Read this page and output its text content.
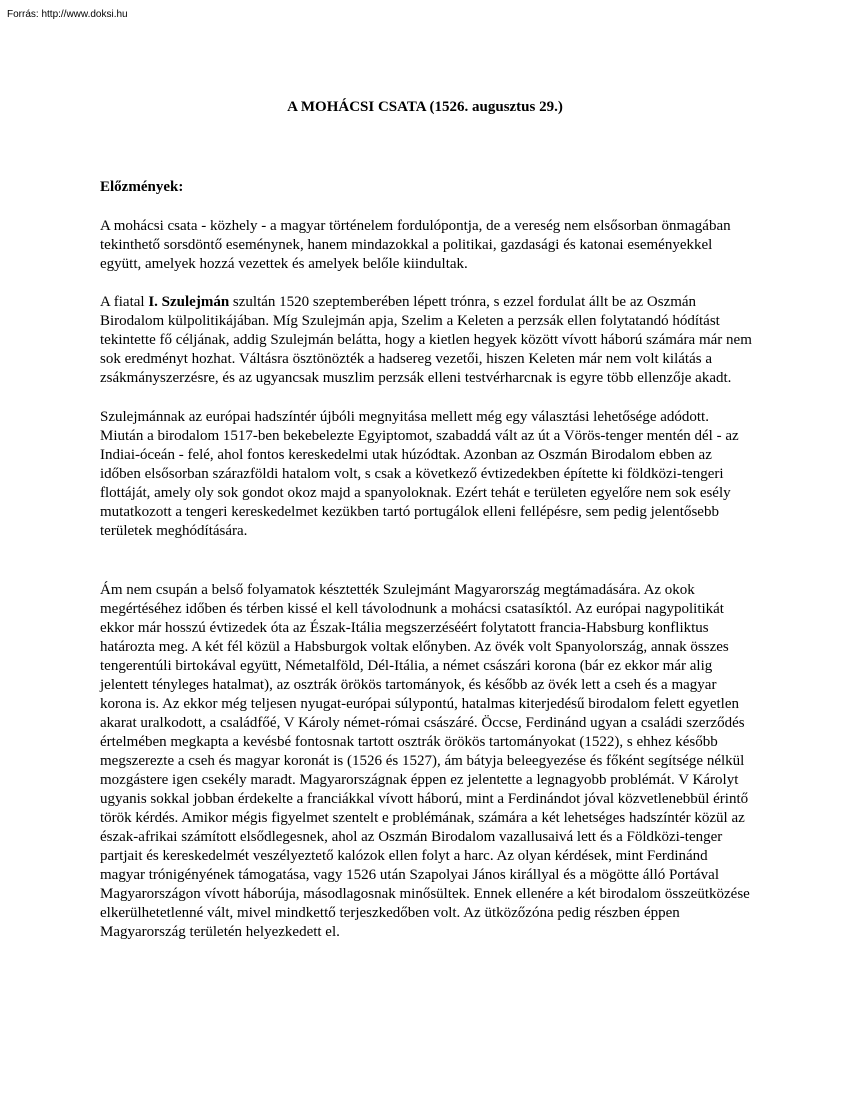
Forrás: http://www.doksi.hu
A MOHÁCSI CSATA (1526. augusztus 29.)
Előzmények:
A mohácsi csata - közhely - a magyar történelem fordulópontja, de a vereség nem elsősorban önmagában tekinthető sorsdöntő eseménynek, hanem mindazokkal a politikai, gazdasági és katonai eseményekkel együtt, amelyek hozzá vezettek és amelyek belőle kiindultak.
A fiatal I. Szulejmán szultán 1520 szeptemberében lépett trónra, s ezzel fordulat állt be az Oszmán Birodalom külpolitikájában. Míg Szulejmán apja, Szelim a Keleten a perzsák ellen folytatandó hódítást tekintette fő céljának, addig Szulejmán belátta, hogy a kietlen hegyek között vívott háború számára már nem sok eredményt hozhat. Váltásra ösztönözték a hadsereg vezetői, hiszen Keleten már nem volt kilátás a zsákmányszerzésre, és az ugyancsak muszlim perzsák elleni testvérharcnak is egyre több ellenzője akadt.
Szulejmánnak az európai hadszíntér újbóli megnyitása mellett még egy választási lehetősége adódott. Miután a birodalom 1517-ben bekebelezte Egyiptomot, szabaddá vált az út a Vörös-tenger mentén dél - az Indiai-óceán - felé, ahol fontos kereskedelmi utak húzódtak. Azonban az Oszmán Birodalom ebben az időben elsősorban szárazföldi hatalom volt, s csak a következő évtizedekben építette ki földközi-tengeri flottáját, amely oly sok gondot okoz majd a spanyoloknak. Ezért tehát e területen egyelőre nem sok esély mutatkozott a tengeri kereskedelmet kezükben tartó portugálok elleni fellépésre, sem pedig jelentősebb területek meghódítására.
Ám nem csupán a belső folyamatok késztették Szulejmánt Magyarország megtámadására. Az okok megértéséhez időben és térben kissé el kell távolodnunk a mohácsi csatasíktól. Az európai nagypolitikát ekkor már hosszú évtizedek óta az Észak-Itália megszerzéséért folytatott francia-Habsburg konfliktus határozta meg. A két fél közül a Habsburgok voltak előnyben. Az övék volt Spanyolország, annak összes tengerentúli birtokával együtt, Németalföld, Dél-Itália, a német császári korona (bár ez ekkor már alig jelentett tényleges hatalmat), az osztrák örökös tartományok, és később az övék lett a cseh és a magyar korona is. Az ekkor még teljesen nyugat-európai súlypontú, hatalmas kiterjedésű birodalom felett egyetlen akarat uralkodott, a családfőé, V Károly német-római császáré. Öccse, Ferdinánd ugyan a családi szerződés értelmében megkapta a kevésbé fontosnak tartott osztrák örökös tartományokat (1522), s ehhez később megszerezte a cseh és magyar koronát is (1526 és 1527), ám bátyja beleegyezése és főként segítsége nélkül mozgástere igen csekély maradt. Magyarországnak éppen ez jelentette a legnagyobb problémát. V Károlyt ugyanis sokkal jobban érdekelte a franciákkal vívott háború, mint a Ferdinándot jóval közvetlenebbül érintő török kérdés. Amikor mégis figyelmet szentelt e problémának, számára a két lehetséges hadszíntér közül az észak-afrikai számított elsődlegesnek, ahol az Oszmán Birodalom vazallusaivá lett és a Földközi-tenger partjait és kereskedelmét veszélyeztető kalózok ellen folyt a harc. Az olyan kérdések, mint Ferdinánd magyar trónigényének támogatása, vagy 1526 után Szapolyai János királlyal és a mögötte álló Portával Magyarországon vívott háborúja, másodlagosnak minősültek. Ennek ellenére a két birodalom összeütközése elkerülhetetlenné vált, mivel mindkettő terjeszkedőben volt. Az ütközőzóna pedig részben éppen Magyarország területén helyezkedett el.
